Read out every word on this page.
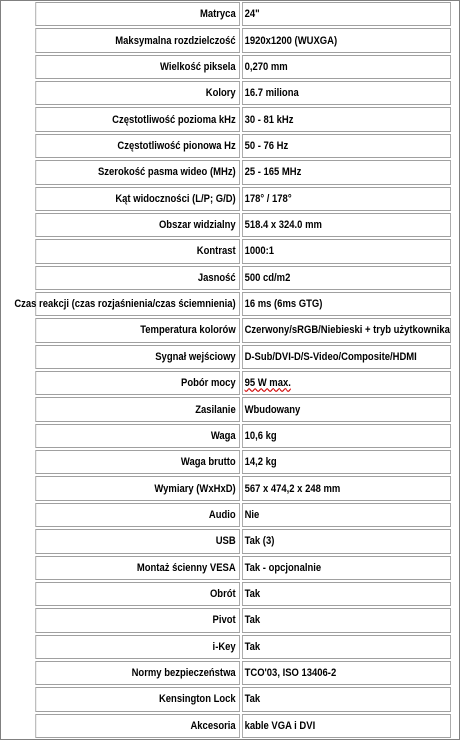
Matryca 24"
Maksymalna rozdzielczość 1920x1200 (WUXGA)
Wielkość piksela 0,270 mm
Kolory 16.7 miliona
Częstotliwość pozioma kHz 30 - 81 kHz
Częstotliwość pionowa Hz 50 - 76 Hz
Szerokość pasma wideo (MHz) 25 - 165 MHz
Kąt widoczności (L/P; G/D) 178° / 178°
Obszar widzialny 518.4 x 324.0 mm
Kontrast 1000:1
Jasność 500 cd/m2
Czas reakcji (czas rozjaśnienia/czas ściemnienia) 16 ms (6ms GTG)
Temperatura kolorów Czerwony/sRGB/Niebieski + tryb użytkownika
Sygnał wejściowy D-Sub/DVI-D/S-Video/Composite/HDMI
Pobór mocy 95 W max.
Zasilanie Wbudowany
Waga 10,6 kg
Waga brutto 14,2 kg
Wymiary (WxHxD) 567 x 474,2 x 248 mm
Audio Nie
USB Tak (3)
Montaż ścienny VESA Tak - opcjonalnie
Obrót Tak
Pivot Tak
i-Key Tak
Normy bezpieczeństwa TCO'03, ISO 13406-2
Kensington Lock Tak
Akcesoria kable VGA i DVI
